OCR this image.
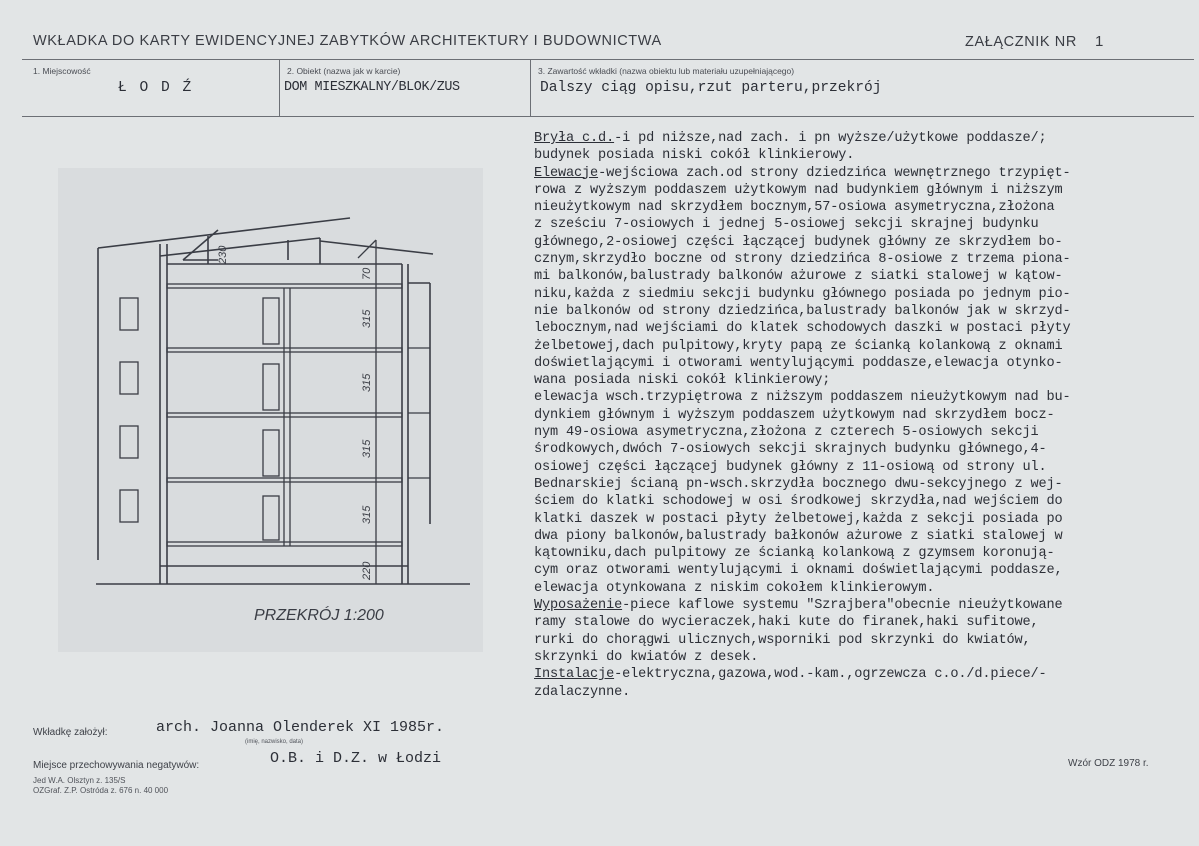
WKŁADKA DO KARTY EWIDENCYJNEJ ZABYTKÓW ARCHITEKTURY I BUDOWNICTWA	ZAŁĄCZNIK NR 1
1. Miejscowość
Ł O D Ź
2. Obiekt (nazwa jak w karcie)
DOM MIESZKALNY/BLOK/ZUS
3. Zawartość wkładki (nazwa obiektu lub materiału uzupełniającego)
Dalszy ciąg opisu,rzut parteru,przekrój
230
70
315
315
315
315
220
PRZEKRÓJ 1:200
Bryła c.d.-i pd niższe,nad zach. i pn wyższe/użytkowe poddasze/;
budynek posiada niski cokół klinkierowy.
Elewacje-wejściowa zach.od strony dziedzińca wewnętrznego trzypięt-
rowa z wyższym poddaszem użytkowym nad budynkiem głównym i niższym
nieużytkowym nad skrzydłem bocznym,57-osiowa asymetryczna,złożona
z sześciu 7-osiowych i jednej 5-osiowej sekcji skrajnej budynku
głównego,2-osiowej części łączącej budynek główny ze skrzydłem bo-
cznym,skrzydło boczne od strony dziedzińca 8-osiowe z trzema piona-
mi balkonów,balustrady balkonów ażurowe z siatki stalowej w kątow-
niku,każda z siedmiu sekcji budynku głównego posiada po jednym pio-
nie balkonów od strony dziedzińca,balustrady balkonów jak w skrzyd-
lebocznym,nad wejściami do klatek schodowych daszki w postaci płyty
żelbetowej,dach pulpitowy,kryty papą ze ścianką kolankową z oknami
doświetlającymi i otworami wentylującymi poddasze,elewacja otynko-
wana posiada niski cokół klinkierowy;
elewacja wsch.trzypiętrowa z niższym poddaszem nieużytkowym nad bu-
dynkiem głównym i wyższym poddaszem użytkowym nad skrzydłem bocz-
nym 49-osiowa asymetryczna,złożona z czterech 5-osiowych sekcji
środkowych,dwóch 7-osiowych sekcji skrajnych budynku głównego,4-
osiowej części łączącej budynek główny z 11-osiową od strony ul.
Bednarskiej ścianą pn-wsch.skrzydła bocznego dwu-sekcyjnego z wej-
ściem do klatki schodowej w osi środkowej skrzydła,nad wejściem do
klatki daszek w postaci płyty żelbetowej,każda z sekcji posiada po
dwa piony balkonów,balustrady bałkonów ażurowe z siatki stalowej w
kątowniku,dach pulpitowy ze ścianką kolankową z gzymsem koronują-
cym oraz otworami wentylującymi i oknami doświetlającymi poddasze,
elewacja otynkowana z niskim cokołem klinkierowym.
Wyposażenie-piece kaflowe systemu "Szrajbera"obecnie nieużytkowane
ramy stalowe do wycieraczek,haki kute do firanek,haki sufitowe,
rurki do chorągwi ulicznych,wsporniki pod skrzynki do kwiatów,
skrzynki do kwiatów z desek.
Instalacje-elektryczna,gazowa,wod.-kam.,ogrzewcza c.o./d.piece/-
zdalaczynne.
Wkładkę założył:	arch. Joanna Olenderek XI 1985r.
(imię, nazwisko, data)
Miejsce przechowywania negatywów:	O.B. i D.Z. w Łodzi	Wzór ODZ 1978 r.
Jed W.A. Olsztyn z. 135/S
OZGraf. Z.P. Ostróda z. 676 n. 40 000
